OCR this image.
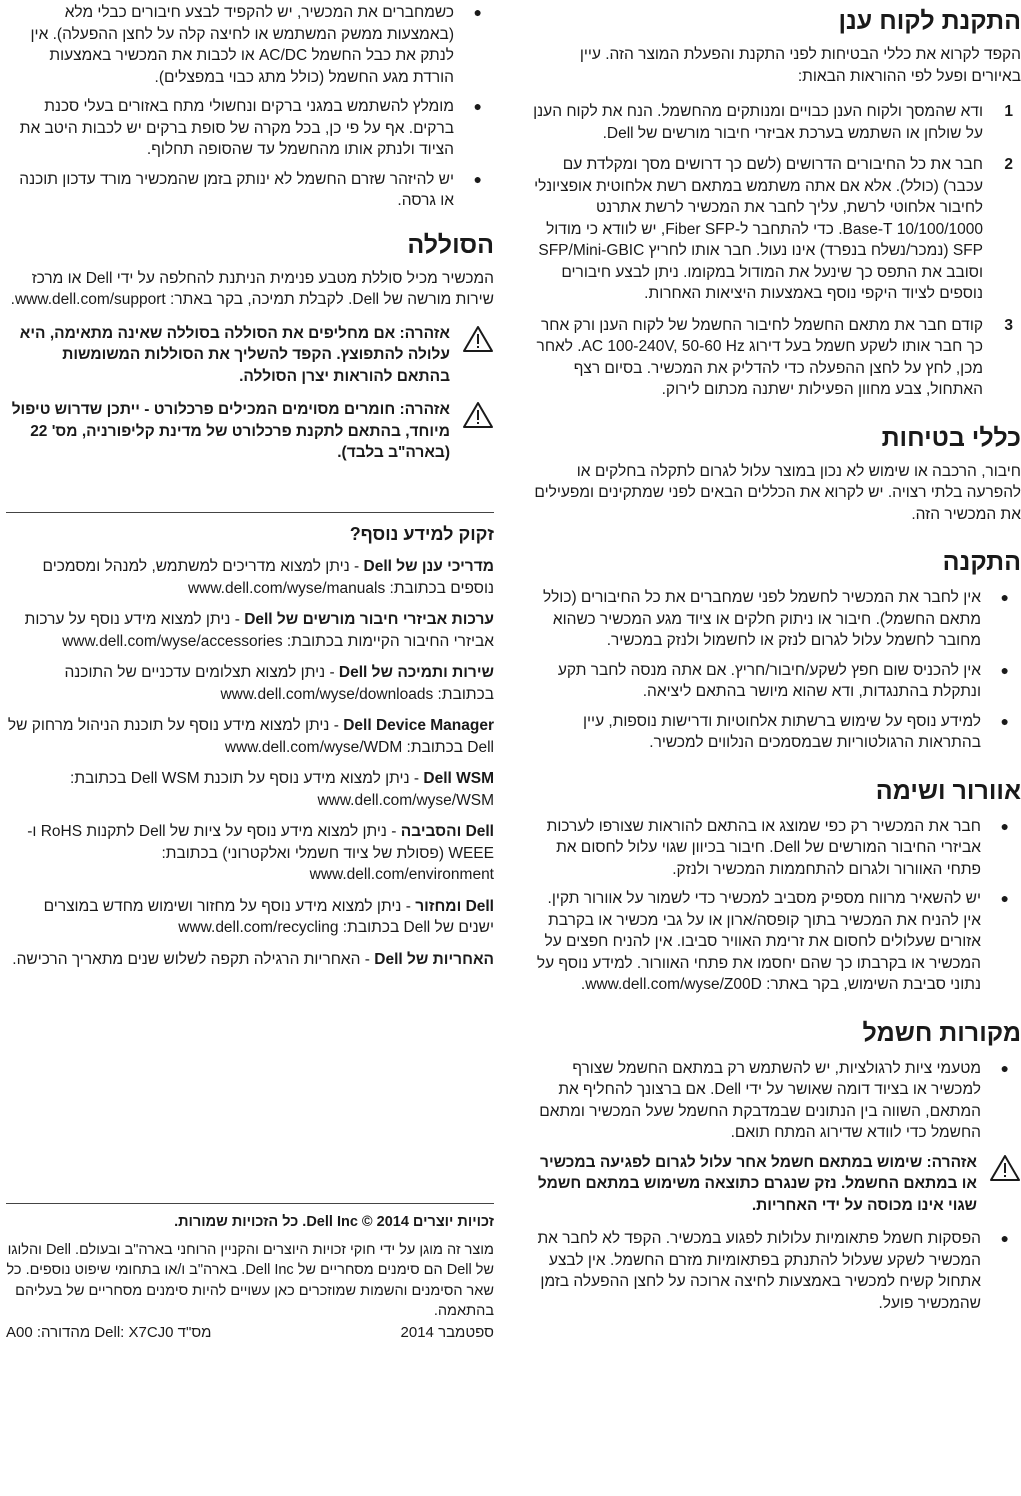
התקנת לקוח ענן

הקפד לקרוא את כללי הבטיחות לפני התקנת והפעלת המוצר הזה. עיין באיורים ופעל לפי ההוראות הבאות:

1
ודא שהמסך ולקוח הענן כבויים ומנותקים מהחשמל. הנח את לקוח הענן על שולחן או השתמש בערכת אביזרי חיבור מורשים של Dell.
2
חבר את כל החיבורים הדרושים (לשם כך דרושים מסך ומקלדת עם עכבר) (כולל). אלא אם אתה משתמש במתאם רשת אלחוטית אופציונלי לחיבור אלחוטי לרשת, עליך לחבר את המכשיר לרשת אתרנט 10/100/1000 Base-T. כדי להתחבר ל-Fiber SFP, יש לוודא כי מודול SFP (נמכר/נשלח בנפרד) אינו נעול. חבר אותו לחריץ SFP/Mini-GBIC וסובב את התפס כך שינעל את המודול במקומו. ניתן לבצע חיבורים נוספים לציוד היקפי נוסף באמצעות היציאות האחרות.
3
קודם חבר את מתאם החשמל לחיבור החשמל של לקוח הענן ורק אחר כך חבר אותו לשקע חשמל בעל דירוג AC 100-240V, 50-60 Hz. לאחר מכן, לחץ על לחצן ההפעלה כדי להדליק את המכשיר. בסיום רצף האתחול, צבע מחוון הפעילות ישתנה מכתום לירוק.
כללי בטיחות

חיבור, הרכבה או שימוש לא נכון במוצר עלול לגרום לתקלה בחלקים או להפרעה בלתי רצויה. יש לקרוא את הכללים הבאים לפני שמתקינים ומפעילים את המכשיר הזה.

התקנה
●
אין לחבר את המכשיר לחשמל לפני שמחברים את כל החיבורים (כולל מתאם החשמל). חיבור או ניתוק חלקים או ציוד מגע המכשיר כשהוא מחובר לחשמל עלול לגרום לנזק או לחשמול ולנזק במכשיר.
●
אין להכניס שום חפץ לשקע/חיבור/חריץ. אם אתה מנסה לחבר תקע ונתקלת בהתנגדות, ודא שהוא מיושר בהתאם ליציאה.
●
למידע נוסף על שימוש ברשתות אלחוטיות ודרישות נוספות, עיין בהתראות הרגולטוריות שבמסמכים הנלווים למכשיר.
אוורור ושימה
●
חבר את המכשיר רק כפי שמוצג או בהתאם להוראות שצורפו לערכות אביזרי החיבור המורשים של Dell. חיבור בכיוון שגוי עלול לחסום את פתחי האוורור ולגרום להתחממות המכשיר ולנזק.
●
יש להשאיר מרווח מספיק מסביב למכשיר כדי לשמור על אוורור תקין. אין להניח את המכשיר בתוך קופסה/ארון או על גבי מכשיר או בקרבת אזורים שעלולים לחסום את זרימת האוויר סביבו. אין להניח חפצים על המכשיר או בקרבתו כך שהם יחסמו את פתחי האוורור. למידע נוסף על נתוני סביבת השימוש, בקר באתר: www.dell.com/wyse/Z00D.
מקורות חשמל
●
מטעמי ציות לרגולציות, יש להשתמש רק במתאם החשמל שצורף למכשיר או בציוד דומה שאושר על ידי Dell. אם ברצונך להחליף את המתאם, השווה בין הנתונים שבמדבקת החשמל שעל המכשיר ומתאם החשמל כדי לוודא שדירוג המתח תואם.
אזהרה: שימוש במתאם חשמל אחר עלול לגרום לפגיעה במכשיר או במתאם החשמל. נזק שנגרם כתוצאה משימוש במתאם חשמל שגוי אינו מכוסה על ידי האחריות.
●
הפסקות חשמל פתאומיות עלולות לפגוע במכשיר. הקפד לא לחבר את המכשיר לשקע שעלול להתנתק בפתאומיות מזרם החשמל. אין לבצע אתחול קשיח למכשיר באמצעות לחיצה ארוכה על לחצן ההפעלה בזמן שהמכשיר פועל.
●
כשמחברים את המכשיר, יש להקפיד לבצע חיבורים כבלי מלא (באמצעות ממשק המשתמש או לחיצה קלה על לחצן ההפעלה). אין לנתק את כבל החשמל AC/DC או לכבות את המכשיר באמצעות הורדת מגע החשמל (כולל מתג כבוי במפצלים).
●
מומלץ להשתמש במגני ברקים ונחשולי מתח באזורים בעלי סכנת ברקים. אף על פי כן, בכל מקרה של סופת ברקים יש לכבות היטב את הציוד ולנתק אותו מהחשמל עד שהסופה תחלוף.
●
יש להיזהר שזרם החשמל לא ינותק בזמן שהמכשיר מורד עדכון תוכנה או גרסה.
הסוללה

המכשיר מכיל סוללת מטבע פנימית הניתנת להחלפה על ידי Dell או מרכז שירות מורשה של Dell. לקבלת תמיכה, בקר באתר: www.dell.com/support.

אזהרה: אם מחליפים את הסוללה בסוללה שאינה מתאימה, היא עלולה להתפוצץ. הקפד להשליך את הסוללות המשומשות בהתאם להוראות יצרן הסוללה.
אזהרה: חומרים מסוימים המכילים פרכלורט - ייתכן שדרוש טיפול מיוחד, בהתאם לתקנת פרכלורט של מדינת קליפורניה, מס' 22 (בארה"ב בלבד).
זקוק למידע נוסף?

מדריכי ענן של Dell - ניתן למצוא מדריכים למשתמש, למנהל ומסמכים נוספים בכתובת: www.dell.com/wyse/manuals

ערכות אביזרי חיבור מורשים של Dell - ניתן למצוא מידע נוסף על ערכות אביזרי החיבור הקיימות בכתובת: www.dell.com/wyse/accessories

שירות ותמיכה של Dell - ניתן למצוא תצלומים עדכניים של התוכנה בכתובת: www.dell.com/wyse/downloads

Dell Device Manager - ניתן למצוא מידע נוסף על תוכנת הניהול מרחוק של Dell בכתובת: www.dell.com/wyse/WDM

Dell WSM - ניתן למצוא מידע נוסף על תוכנת Dell WSM בכתובת: www.dell.com/wyse/WSM

Dell והסביבה - ניתן למצוא מידע נוסף על ציות של Dell לתקנות RoHS ו-WEEE (פסולת של ציוד חשמלי ואלקטרוני) בכתובת: www.dell.com/environment

Dell ומחזור - ניתן למצוא מידע נוסף על מחזור ושימוש מחדש במוצרים ישנים של Dell בכתובת: www.dell.com/recycling

האחריות של Dell - האחריות הרגילה תקפה לשלוש שנים מתאריך הרכישה.

זכויות יוצרים Dell Inc © 2014. כל הזכויות שמורות.

מוצר זה מוגן על ידי חוקי זכויות היוצרים והקניין הרוחני בארה"ב ובעולם. Dell והלוגו של Dell הם סימנים מסחריים של Dell Inc. בארה"ב ו/או בתחומי שיפוט נוספים. כל שאר הסימנים והשמות שמוזכרים כאן עשויים להיות סימנים מסחריים של בעליהם בהתאמה.

ספטמבר 2014
מס"ד Dell: X7CJ0 מהדורה: A00
